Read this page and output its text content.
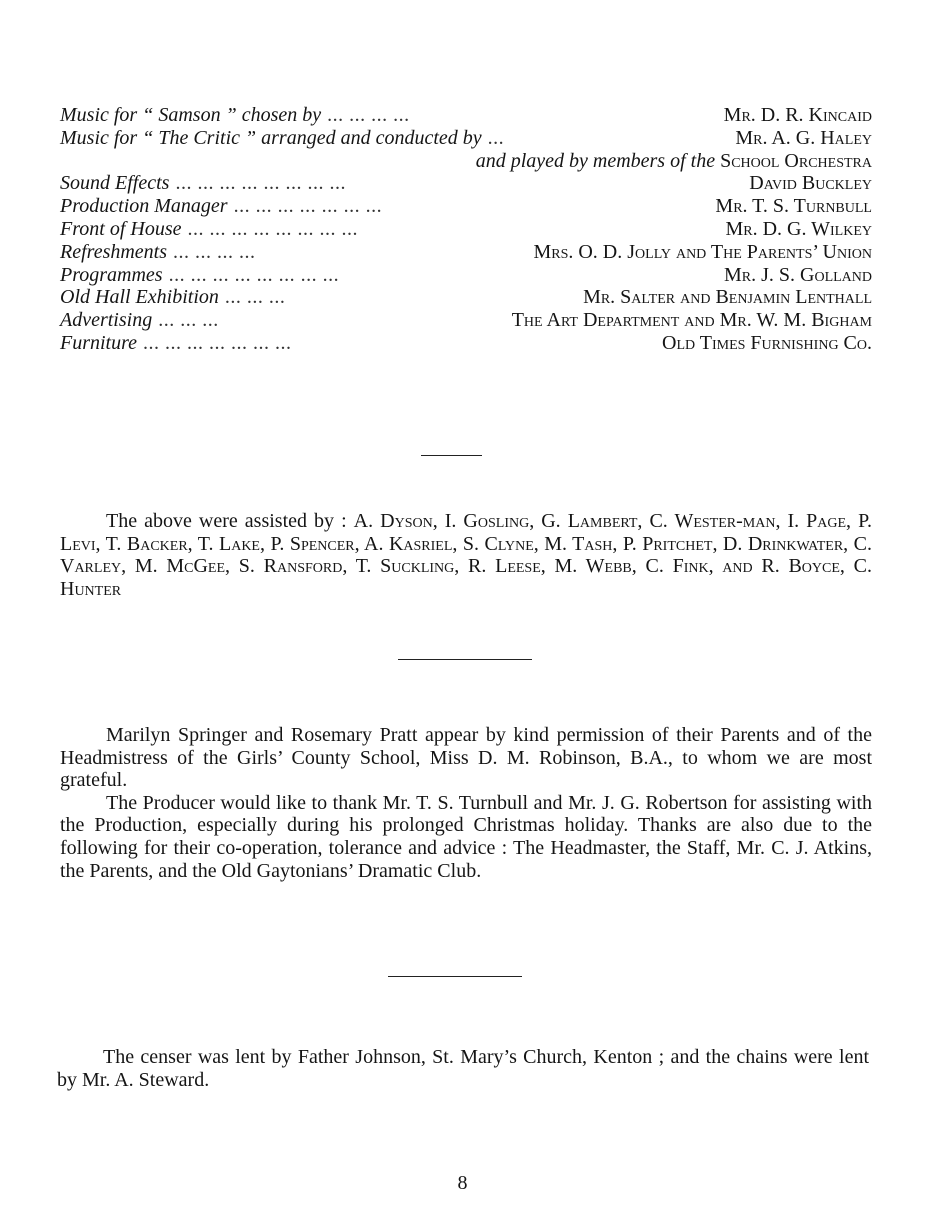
Music for “ Samson ” chosen by ... ... ... ...	Mr. D. R. Kincaid
Music for “ The Critic ” arranged and conducted by ...	Mr. A. G. Haley
and played by members of the School Orchestra
Sound Effects ... ... ... ... ... ... ... ...	David Buckley
Production Manager ... ... ... ... ... ... ...	Mr. T. S. Turnbull
Front of House ... ... ... ... ... ... ... ...	Mr. D. G. Wilkey
Refreshments ... ... ... ...	Mrs. O. D. Jolly and The Parents’ Union
Programmes ... ... ... ... ... ... ... ...	Mr. J. S. Golland
Old Hall Exhibition ... ... ...	Mr. Salter and Benjamin Lenthall
Advertising ... ... ...	The Art Department and Mr. W. M. Bigham
Furniture ... ... ... ... ... ... ...	Old Times Furnishing Co.

The above were assisted by : A. Dyson, I. Gosling, G. Lambert, C. Wester-man, I. Page, P. Levi, T. Backer, T. Lake, P. Spencer, A. Kasriel, S. Clyne, M. Tash, P. Pritchet, D. Drinkwater, C. Varley, M. McGee, S. Ransford, T. Suckling, R. Leese, M. Webb, C. Fink, and R. Boyce, C. Hunter

Marilyn Springer and Rosemary Pratt appear by kind permission of their Parents and of the Headmistress of the Girls’ County School, Miss D. M. Robinson, B.A., to whom we are most grateful.

The Producer would like to thank Mr. T. S. Turnbull and Mr. J. G. Robertson for assisting with the Production, especially during his prolonged Christmas holiday. Thanks are also due to the following for their co-operation, tolerance and advice : The Headmaster, the Staff, Mr. C. J. Atkins, the Parents, and the Old Gaytonians’ Dramatic Club.

The censer was lent by Father Johnson, St. Mary’s Church, Kenton ; and the chains were lent by Mr. A. Steward.

8
